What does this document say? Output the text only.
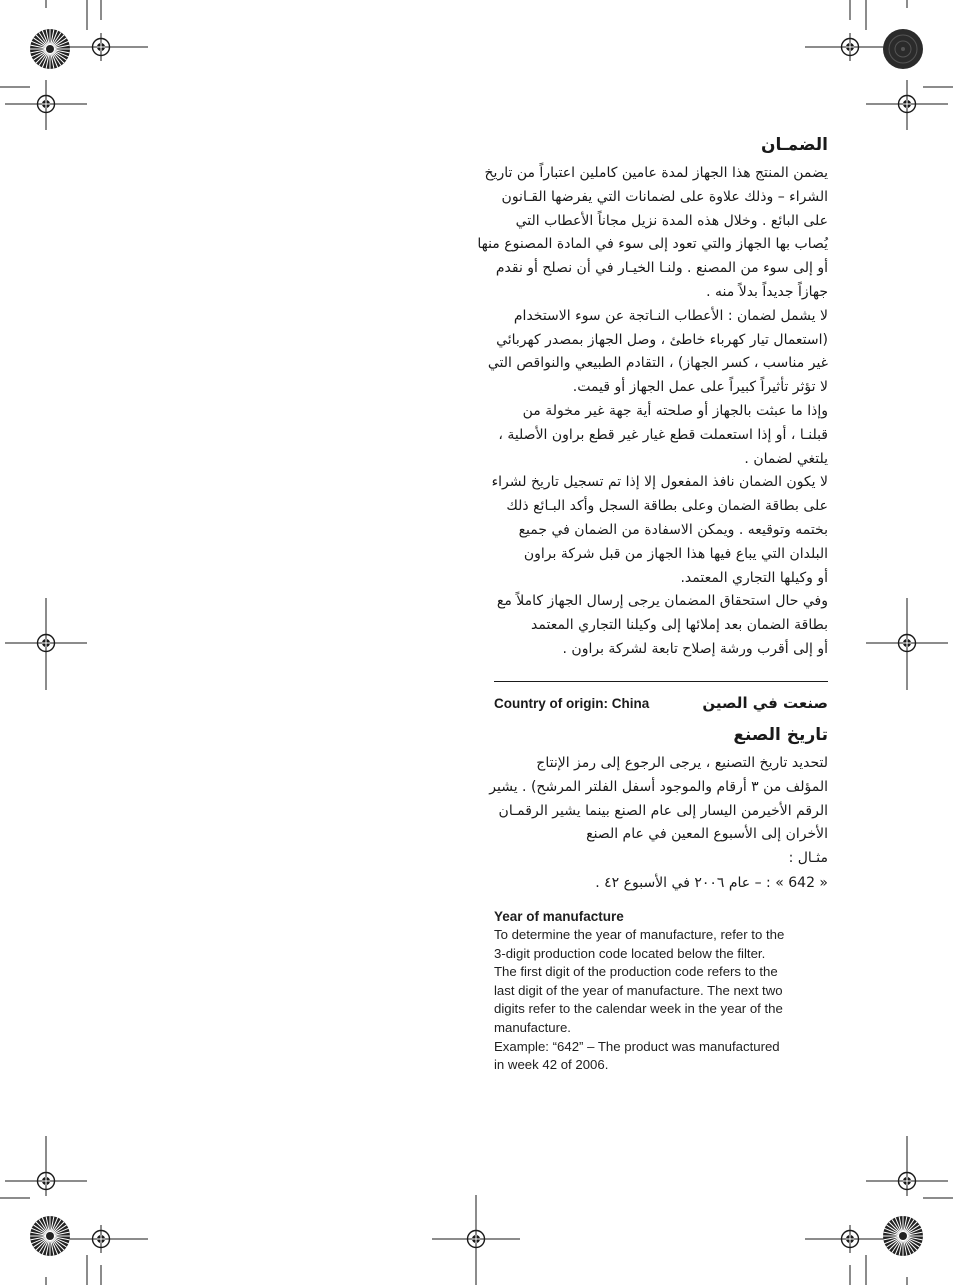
الضمـان
يضمن المنتج هذا الجهاز لمدة عامين كاملين اعتباراً من تاريخ
الشراء – وذلك علاوة على لضمانات التي يفرضها القـانون
على البائع . وخلال هذه المدة نزيل مجاناً الأعطاب التي
يُصاب بها الجهاز والتي تعود إلى سوء في المادة المصنوع منها
أو إلى سوء من المصنع . ولنـا الخيـار في أن نصلح أو نقدم
جهازاً جديداً بدلاً منه .
لا يشمل لضمان : الأعطاب النـاتجة عن سوء الاستخدام
(استعمال تيار كهرباء خاطئ ، وصل الجهاز بمصدر كهربائي
غير مناسب ، كسر الجهاز) ، التقادم الطبيعي والنواقص التي
لا تؤثر تأثيراً كبيراً على عمل الجهاز أو قيمت.
وإذا ما عبثت بالجهاز أو صلحته أية جهة غير مخولة من
قبلنـا ، أو إذا استعملت قطع غيار غير قطع براون الأصلية ،
يلتغي لضمان .
لا يكون الضمان نافذ المفعول إلا إذا تم تسجيل تاريخ لشراء
على بطاقة الضمان وعلى بطاقة السجل وأكد البـائع ذلك
بختمه وتوقيعه . ويمكن الاسفادة من الضمان في جميع
البلدان التي يباع فيها هذا الجهاز من قبل شركة براون
أو وكيلها التجاري المعتمد.
وفي حال استحقاق المضمان يرجى إرسال الجهاز كاملاً مع
بطاقة الضمان بعد إملائها إلى وكيلنا التجاري المعتمد
أو إلى أقرب ورشة إصلاح تابعة لشركة براون .
Country of origin: China	صنعت في الصين
تاريخ الصنع
لتحديد تاريخ التصنيع ، يرجى الرجوع إلى رمز الإنتاج
المؤلف من ٣ أرقام والموجود أسفل الفلتر المرشح) . يشير
الرقم الأخيرمن اليسار إلى عام الصنع بينما يشير الرقمـان
الأخران إلى الأسبوع المعين في عام الصنع
مثـال :
« 642 » : – عام ٢٠٠٦ في الأسبوع ٤٢ .
Year of manufacture
To determine the year of manufacture, refer to the
3-digit production code located below the filter.
The first digit of the production code refers to the
last digit of the year of manufacture. The next two
digits refer to the calendar week in the year of the
manufacture.
Example: “642” – The product was manufactured
in week 42 of 2006.
